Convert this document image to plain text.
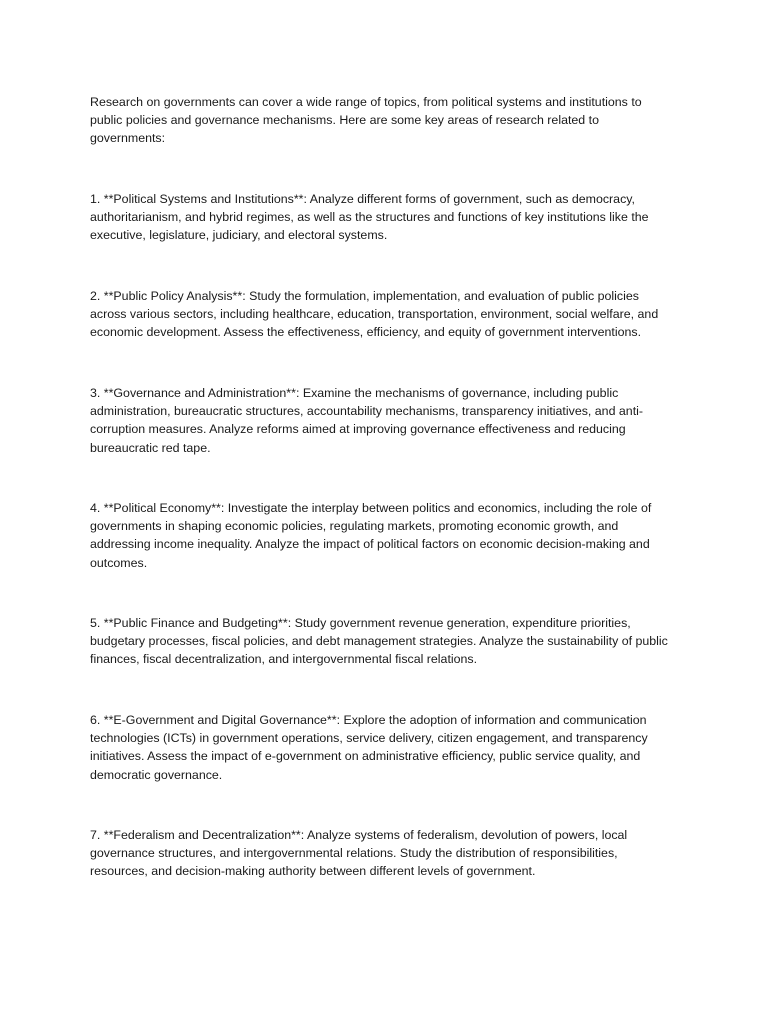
Research on governments can cover a wide range of topics, from political systems and institutions to
public policies and governance mechanisms. Here are some key areas of research related to
governments:

1. **Political Systems and Institutions**: Analyze different forms of government, such as democracy,
authoritarianism, and hybrid regimes, as well as the structures and functions of key institutions like the
executive, legislature, judiciary, and electoral systems.

2. **Public Policy Analysis**: Study the formulation, implementation, and evaluation of public policies
across various sectors, including healthcare, education, transportation, environment, social welfare, and
economic development. Assess the effectiveness, efficiency, and equity of government interventions.

3. **Governance and Administration**: Examine the mechanisms of governance, including public
administration, bureaucratic structures, accountability mechanisms, transparency initiatives, and anti-
corruption measures. Analyze reforms aimed at improving governance effectiveness and reducing
bureaucratic red tape.

4. **Political Economy**: Investigate the interplay between politics and economics, including the role of
governments in shaping economic policies, regulating markets, promoting economic growth, and
addressing income inequality. Analyze the impact of political factors on economic decision-making and
outcomes.

5. **Public Finance and Budgeting**: Study government revenue generation, expenditure priorities,
budgetary processes, fiscal policies, and debt management strategies. Analyze the sustainability of public
finances, fiscal decentralization, and intergovernmental fiscal relations.

6. **E-Government and Digital Governance**: Explore the adoption of information and communication
technologies (ICTs) in government operations, service delivery, citizen engagement, and transparency
initiatives. Assess the impact of e-government on administrative efficiency, public service quality, and
democratic governance.

7. **Federalism and Decentralization**: Analyze systems of federalism, devolution of powers, local
governance structures, and intergovernmental relations. Study the distribution of responsibilities,
resources, and decision-making authority between different levels of government.
